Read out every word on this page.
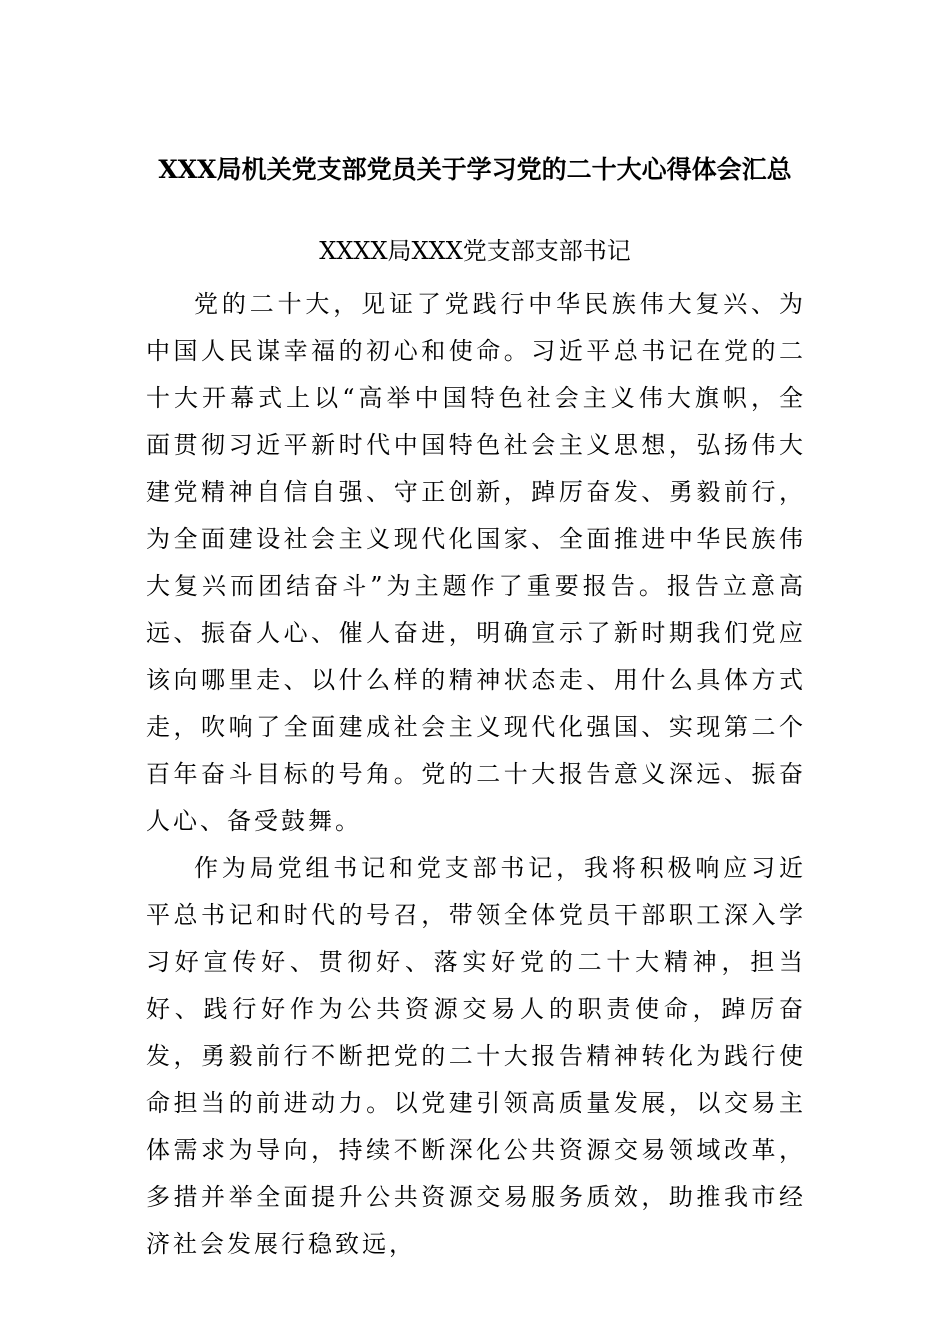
XXX局机关党支部党员关于学习党的二十大心得体会汇总
XXXX局XXX党支部支部书记

党的二十大，见证了党践行中华民族伟大复兴、为中国人民谋幸福的初心和使命。习近平总书记在党的二十大开幕式上以“高举中国特色社会主义伟大旗帜，全面贯彻习近平新时代中国特色社会主义思想，弘扬伟大建党精神自信自强、守正创新，踔厉奋发、勇毅前行，为全面建设社会主义现代化国家、全面推进中华民族伟大复兴而团结奋斗”为主题作了重要报告。报告立意高远、振奋人心、催人奋进，明确宣示了新时期我们党应该向哪里走、以什么样的精神状态走、用什么具体方式走，吹响了全面建成社会主义现代化强国、实现第二个百年奋斗目标的号角。党的二十大报告意义深远、振奋人心、备受鼓舞。

作为局党组书记和党支部书记，我将积极响应习近平总书记和时代的号召，带领全体党员干部职工深入学习好宣传好、贯彻好、落实好党的二十大精神，担当好、践行好作为公共资源交易人的职责使命，踔厉奋发，勇毅前行不断把党的二十大报告精神转化为践行使命担当的前进动力。以党建引领高质量发展，以交易主体需求为导向，持续不断深化公共资源交易领域改革，多措并举全面提升公共资源交易服务质效，助推我市经济社会发展行稳致远，
